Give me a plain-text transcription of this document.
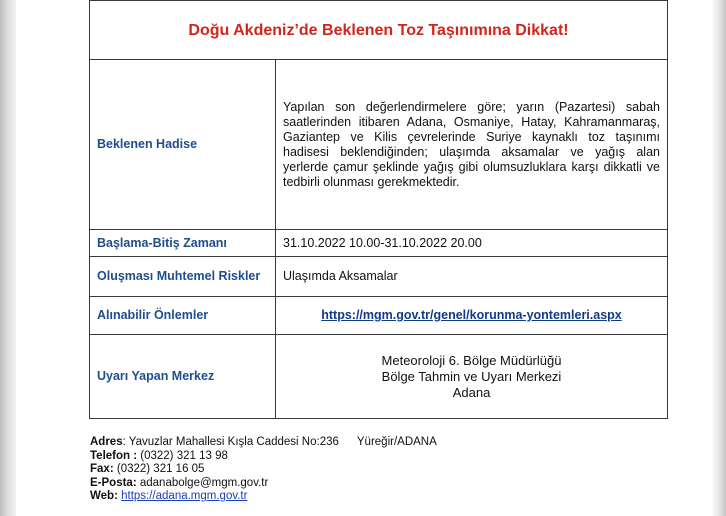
Doğu Akdeniz’de Beklenen Toz Taşınımına Dikkat!	
Beklenen Hadise	Yapılan son değerlendirmelere göre; yarın (Pazartesi) sabah saatlerinden itibaren Adana, Osmaniye, Hatay, Kahramanmaraş, Gaziantep ve Kilis çevrelerinde Suriye kaynaklı toz taşınımı hadisesi beklendiğinden; ulaşımda aksamalar ve yağış alan yerlerde çamur şeklinde yağış gibi olumsuzluklara karşı dikkatli ve tedbirli olunması gerekmektedir.
Başlama-Bitiş Zamanı	31.10.2022 10.00-31.10.2022 20.00
Oluşması Muhtemel Riskler	Ulaşımda Aksamalar
Alınabilir Önlemler	https://mgm.gov.tr/genel/korunma-yontemleri.aspx
Uyarı Yapan Merkez	Meteoroloji 6. Bölge Müdürlüğü
Bölge Tahmin ve Uyarı Merkezi
Adana
Adres: Yavuzlar Mahallesi Kışla Caddesi No:236 Yüreğir/ADANA
Telefon : (0322) 321 13 98
Fax: (0322) 321 16 05
E-Posta: adanabolge@mgm.gov.tr
Web: https://adana.mgm.gov.tr
